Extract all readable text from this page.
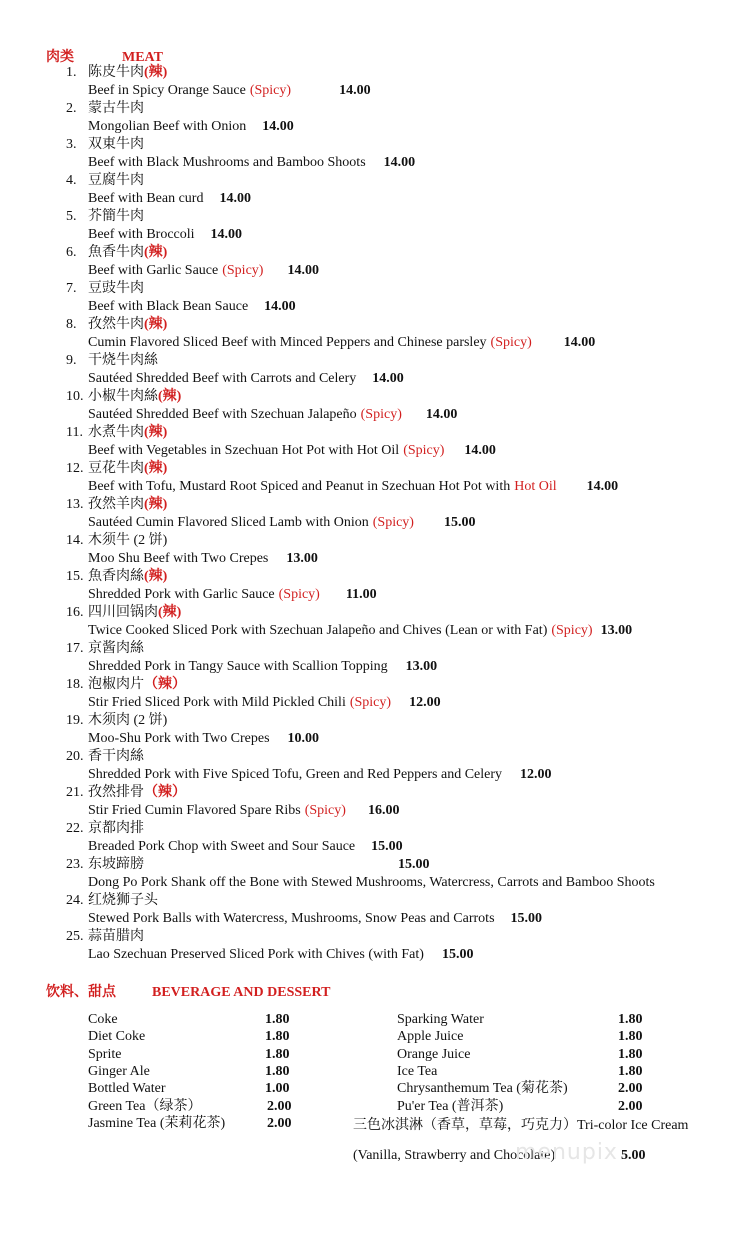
肉类	MEAT
1. 陈皮牛肉(辣)
Beef in Spicy Orange Sauce (Spicy)	14.00
2. 蒙古牛肉
Mongolian Beef with Onion 14.00
3. 双東牛肉
Beef with Black Mushrooms and Bamboo Shoots 14.00
4. 豆腐牛肉
Beef with Bean curd 14.00
5. 芥簡牛肉
Beef with Broccoli 14.00
6. 魚香牛肉(辣)
Beef with Garlic Sauce (Spicy) 14.00
7. 豆豉牛肉
Beef with Black Bean Sauce 14.00
8. 孜然牛肉(辣)
Cumin Flavored Sliced Beef with Minced Peppers and Chinese parsley (Spicy) 14.00
9. 干烧牛肉絲
Sautéed Shredded Beef with Carrots and Celery 14.00
10. 小椒牛肉絲(辣)
Sautéed Shredded Beef with Szechuan Jalapeño (Spicy) 14.00
11. 水煮牛肉(辣)
Beef with Vegetables in Szechuan Hot Pot with Hot Oil (Spicy) 14.00
12. 豆花牛肉(辣)
Beef with Tofu, Mustard Root Spiced and Peanut in Szechuan Hot Pot with Hot Oil 14.00
13. 孜然羊肉(辣)
Sautéed Cumin Flavored Sliced Lamb with Onion (Spicy) 15.00
14. 木须牛 (2 饼)
Moo Shu Beef with Two Crepes 13.00
15. 魚香肉絲(辣)
Shredded Pork with Garlic Sauce (Spicy) 11.00
16. 四川回锅肉(辣)
Twice Cooked Sliced Pork with Szechuan Jalapeño and Chives (Lean or with Fat) (Spicy) 13.00
17. 京酱肉絲
Shredded Pork in Tangy Sauce with Scallion Topping 13.00
18. 泡椒肉片（辣）
Stir Fried Sliced Pork with Mild Pickled Chili (Spicy) 12.00
19. 木须肉 (2 饼)
Moo-Shu Pork with Two Crepes 10.00
20. 香干肉絲
Shredded Pork with Five Spiced Tofu, Green and Red Peppers and Celery 12.00
21. 孜然排骨（辣）
Stir Fried Cumin Flavored Spare Ribs (Spicy) 16.00
22. 京都肉排
Breaded Pork Chop with Sweet and Sour Sauce 15.00
23. 东坡蹄膀	15.00
Dong Po Pork Shank off the Bone with Stewed Mushrooms, Watercress, Carrots and Bamboo Shoots
24. 红烧狮子头
Stewed Pork Balls with Watercress, Mushrooms, Snow Peas and Carrots 15.00
25. 蒜苗腊肉
Lao Szechuan Preserved Sliced Pork with Chives (with Fat) 15.00
饮料、甜点	BEVERAGE AND DESSERT
Coke	1.80
Diet Coke	1.80
Sprite	1.80
Ginger Ale	1.80
Bottled Water	1.00
Green Tea（绿茶）	2.00
Jasmine Tea (茉莉花茶)	2.00
Sparking Water	1.80
Apple Juice	1.80
Orange Juice	1.80
Ice Tea	1.80
Chrysanthemum Tea (菊花茶)	2.00
Pu'er Tea (普洱茶)	2.00
三色冰淇淋（香草，草莓，巧克力）Tri-color Ice Cream
(Vanilla, Strawberry and Chocolate)	5.00
menupix
